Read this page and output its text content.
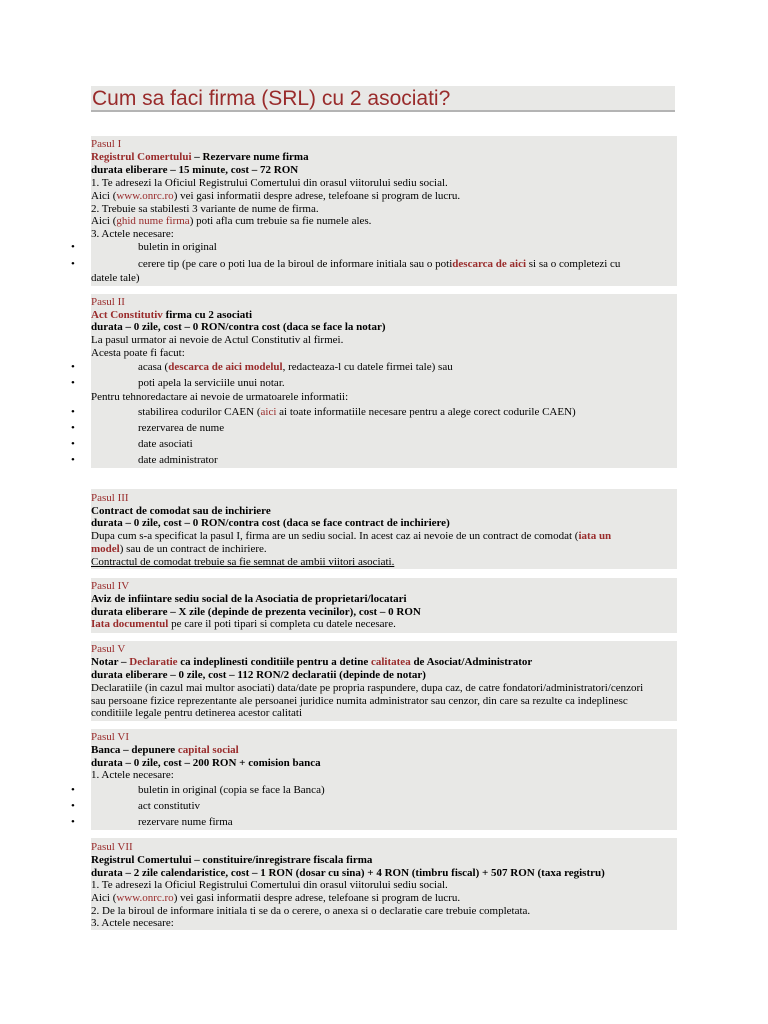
Cum sa faci firma (SRL) cu 2 asociati?
Pasul I
Registrul Comertului – Rezervare nume firma
durata eliberare – 15 minute, cost – 72 RON
1. Te adresezi la Oficiul Registrului Comertului din orasul viitorului sediu social.
Aici (www.onrc.ro) vei gasi informatii despre adrese, telefoane si program de lucru.
2. Trebuie sa stabilesti 3 variante de nume de firma.
Aici (ghid nume firma) poti afla cum trebuie sa fie numele ales.
3. Actele necesare:
•	buletin in original
•	cerere tip (pe care o poti lua de la biroul de informare initiala sau o potidescarca de aici si sa o completezi cu
datele tale)
Pasul II
Act Constitutiv firma cu 2 asociati
durata – 0 zile, cost – 0 RON/contra cost (daca se face la notar)
La pasul urmator ai nevoie de Actul Constitutiv al firmei.
Acesta poate fi facut:
•	acasa (descarca de aici modelul, redacteaza-l cu datele firmei tale) sau
•	poti apela la serviciile unui notar.
Pentru tehnoredactare ai nevoie de urmatoarele informatii:
•	stabilirea codurilor CAEN (aici ai toate informatiile necesare pentru a alege corect codurile CAEN)
•	rezervarea de nume
•	date asociati
•	date administrator
Pasul III
Contract de comodat sau de inchiriere
durata – 0 zile, cost – 0 RON/contra cost (daca se face contract de inchiriere)
Dupa cum s-a specificat la pasul I, firma are un sediu social. In acest caz ai nevoie de un contract de comodat (iata un
model) sau de un contract de inchiriere.
Contractul de comodat trebuie sa fie semnat de ambii viitori asociati.
Pasul IV
Aviz de infiintare sediu social de la Asociatia de proprietari/locatari
durata eliberare – X zile (depinde de prezenta vecinilor), cost – 0 RON
Iata documentul pe care il poti tipari si completa cu datele necesare.
Pasul V
Notar – Declaratie ca indeplinesti conditiile pentru a detine calitatea de Asociat/Administrator
durata eliberare – 0 zile, cost – 112 RON/2 declaratii (depinde de notar)
Declaratiile (in cazul mai multor asociati) data/date pe propria raspundere, dupa caz, de catre fondatori/administratori/cenzori
sau persoane fizice reprezentante ale persoanei juridice numita administrator sau cenzor, din care sa rezulte ca indeplinesc
conditiile legale pentru detinerea acestor calitati
Pasul VI
Banca – depunere capital social
durata – 0 zile, cost – 200 RON + comision banca
1. Actele necesare:
•	buletin in original (copia se face la Banca)
•	act constitutiv
•	rezervare nume firma
Pasul VII
Registrul Comertului – constituire/inregistrare fiscala firma
durata – 2 zile calendaristice, cost – 1 RON (dosar cu sina) + 4 RON (timbru fiscal) + 507 RON (taxa registru)
1. Te adresezi la Oficiul Registrului Comertului din orasul viitorului sediu social.
Aici (www.onrc.ro) vei gasi informatii despre adrese, telefoane si program de lucru.
2. De la biroul de informare initiala ti se da o cerere, o anexa si o declaratie care trebuie completata.
3. Actele necesare:
